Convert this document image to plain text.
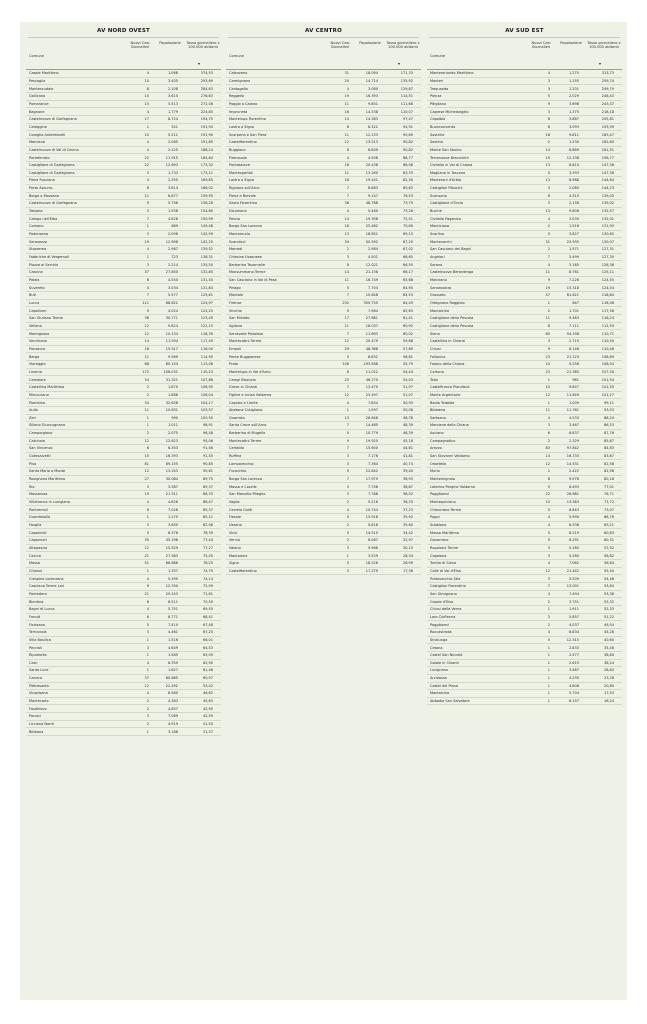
AV NORD OVEST
Comune
Nuovi Casi Giornalieri
Popolazione	Tasso giornaliero x 100.000 abitanti
Casale Marittimo	4	1.068	374,53
Pescaglia	10	3.405	293,69
Montescudaio	8	2.108	284,63
Gallicano	10	3.615	276,63
Pomarance	15	5.513	272,08
Bagnone	4	1.779	224,85
Castelnuovo di Garfagnana	17	8.724	194,75
Careggine	1	521	191,94
Coreglia Antelminelli	10	5.211	191,90
Marciana	4	2.085	191,85
Castelnuovo di Val di Cecina	4	2.125	188,24
Portoferraio	22	11.915	184,64
Castiglione di Garfagnana	22	12.693	173,32
Castiglione di Garfagnana	3	1.733	173,11
Pieve Fosciana	4	2.355	169,85
Porto Azzurro	6	3.614	166,02
Borgo a Mozzano	11	6.877	159,95
Castelnuovo di Garfagnana	9	5.796	156,26
Tresana	3	1.938	154,80
Campo nell'Elba	7	4.626	150,99
Comano	1	669	149,48
Podenzana	3	2.098	142,99
Seravezza	19	12.698	142,20
Stazzema	4	2.967	139,52
Fabbriche di Vergemoli	1	723	138,31
Piazza al Serchio	3	2.214	135,50
Cascina	37	27.850	132,85
Palaia	6	4.540	131,50
Suvereto	4	3.034	131,84
Buti	7	5.577	125,61
Lucca	111	88.822	124,97
Capoliveri	5	4.024	124,25
San Giuliano Terme	38	30.771	123,49
Vellano	12	9.824	122,15
Montignoso	12	10.134	118,39
Vecchiano	14	11.934	117,49
Ponsacco	18	15.517	116,00
Barga	11	9.569	114,95
Viareggio	68	60.144	113,06
Livorno	172	156.031	110,23
Camaiore	34	31.321	107,86
Castellina Marittima	2	1.870	106,95
Minucciano	2	1.886	106,04
Piombino	34	32.638	104,17
Aulla	11	10.631	103,57
Zeri	1	990	100,50
Sillano Giuncugnano	1	1.011	98,91
Camporgiano	2	2.075	96,48
Calcinaia	12	12.623	95,06
San Vincenzo	6	6.353	91,56
Collesalvetti	15	16.393	91,55
Pisa	81	89.155	90,85
Santa Maria a Monte	12	13.243	90,61
Rosignano Marittimo	27	30.084	89,75
Rio	3	3.387	89,37
Massarosa	19	21.511	88,33
Villafranca in Lunigiana	4	4.626	86,47
Pontremoli	6	7.028	85,37
Guardistallo	1	1.175	85,11
Fauglia	3	3.655	82,08
Capannoli	5	6.376	78,39
Capannori	35	45.196	77,44
Altopascio	12	15.529	77,27
Cecina	21	27.983	75,05
Massa	51	66.886	76,25
Chianni	1	1.357	74,79
Crespina Lorenzana	4	5.395	74,14
Casciana Terme Lari	9	12.330	72,99
Pontedera	21	29.243	71,81
Bientina	6	8.511	70,50
Bagni di Lucca	4	5.751	69,55
Forcoli	6	8.771	68,41
Fivizzano	5	7.410	67,48
Terricciola	3	4.461	67,25
Villa Basilica	1	1.516	66,01
Peccioli	3	4.649	64,53
Riparbella	1	1.585	63,09
Calci	4	6.359	62,90
Santa Luce	1	1.627	61,46
Carrara	37	60.685	60,97
Pietrasanta	12	22.492	53,42
Vicopisano	4	8.580	46,62
Montecarlo	2	4.383	45,63
Fosdinovo	2	4.657	42,95
Porcari	3	7.069	42,59
Licciana Nardi	2	4.919	41,50
Bibbona	1	3.188	31,37
AV CENTRO
Comune
Nuovi Casi Giornalieri
Popolazione	Tasso giornaliero x 100.000 abitanti
Calenzano	31	18.094	171,33
Carmignano	20	14.714	135,92
Cantagallo	4	3.080	129,87
Reggello	19	16.393	114,51
Poggio a Caiano	11	9.851	111,66
Impruneta	16	14.538	110,07
Montelupo Fiorentino	14	14.383	97,47
Lastra a Signa	6	6.322	94,91
Scarperia e San Piero	11	12.133	90,89
Castelfiorentino	12	13.213	90,82
Buggiano	8	8.809	90,82
Firenzuola	4	4.508	88,77
Pontassieve	18	20.438	88,08
Montespertoli	11	13.260	83,33
Lastra a Signa	16	19.441	82,30
Rignano sull'Arno	7	8.683	80,62
Pieve a Nievole	7	9.147	76,53
Sesto Fiorentino	36	48.788	73,79
Dicomano	4	5.460	73,26
Pescia	14	19.358	72,51
Borgo San Lorenzo	18	25.462	70,69
Montemurlo	13	18.851	69,15
Scandicci	34	50.592	67,20
Marradi	2	2.984	67,02
Chiesina Uzzanese	3	4.501	66,65
Barberino Tavarnelle	8	12.021	66,55
Monsummano Terme	14	21.158	66,17
San Casciano in Val di Pesa	11	16.749	65,68
Pelago	5	7.704	64,90
Montale	7	10.848	64,53
Firenze	232	359.755	64,49
Vinchio	5	7.984	62,63
San Miniato	17	27.681	61,41
Agliana	11	18.037	60,92
Serravalle Pistoiese	7	11.693	60,02
Montecatini Terme	12	20.479	59,68
Empoli	29	48.368	57,89
Ponte Buggianese	5	8.832	56,61
Prato	108	193.588	55,79
Montelupo in Val d'Arno	6	11.022	54,44
Campi Bisenzio	25	46.270	54,03
Greve in Chianti	7	13.470	51,97
Figline e Incisa Valdarno	12	23.497	51,07
Capraia e Limite	4	7.854	50,93
Abetone Cutigliano	1	1.997	50,08
Quarrata	13	26.648	48,78
Santa Croce sull'Arno	7	14.465	48,39
Barberino di Mugello	5	10.779	46,39
Montecatini Terme	9	19.920	45,18
Certaldo	7	15.650	44,61
Ruffina	3	7.176	41,81
Lamporecchio	3	7.364	40,74
Fucecchio	9	22.842	39,40
Borgo San Lorenzo	7	17.979	38,93
Massa e Cozzile	3	7.758	38,67
San Marcello Piteglio	3	7.788	38,52
Vaglia	2	5.216	38,33
Cerreto Guidi	4	10.744	37,23
Fiesole	5	13.918	35,92
Uzzano	2	5.618	35,60
Vinci	5	14.515	34,42
Vernio	2	6.067	32,97
Vaiano	3	9.966	30,10
Montaione	1	3.529	28,34
Signa	5	18.526	26,99
Castelfiorentino	3	17.279	17,36
AV SUD EST
Comune
Nuovi Casi Giornalieri
Popolazione	Tasso giornaliero x 100.000 abitanti
Monteroriondo Marittimo	4	1.275	313,73
Monteri	3	1.155	259,74
Trequanda	3	1.201	249,79
Pienza	5	2.029	246,43
Pitigliano	9	3.698	243,37
Caprese Michelangelo	3	1.375	218,18
Capalbio	8	3.887	205,81
Buonconvento	6	3.093	193,99
Sovicille	18	9.811	183,47
Sestino	2	1.230	162,60
Monte San Savino	14	8.669	161,51
Terranuova Bracciolini	19	12.138	156,77
Civitella in Val di Chiana	13	8.810	147,56
Magliano in Toscana	5	3.393	147,36
Monteroni d'Arbia	13	8.988	144,64
Castiglion Fibocchi	3	2.080	144,23
Scansano	6	4.315	139,05
Castiglione d'Orcia	3	2.158	139,02
Bucine	13	9.806	132,57
Civitella Paganico	4	3.030	132,01
Monticiano	2	1.516	131,93
Scarlino	5	3.827	130,65
Montevarchi	31	23.935	130,07
San Casciano dei Bagni	2	1.571	127,31
Anghiari	7	5.499	127,30
Sorano	4	3.165	126,38
Castelnuovo Berardenga	11	8.761	125,11
Manciano	9	7.226	124,55
Sansepolcro	19	15.318	124,04
Grosseto	47	81.621	118,84
Orbignano Raggiolo	1	847	118,06
Montalcino	2	1.701	117,58
Castiglione della Pescaia	11	9.463	116,24
Castiglione della Pescaia	8	7.111	112,50
Siena	60	54.198	110,71
Castellina in Chianti	3	2.715	110,50
Chiusi	9	8.148	110,46
Follonica	23	21.123	108,89
Foiano della Chiana	10	9.256	108,04
Cortona	23	21.385	107,50
Talla	1	981	101,94
Castelfranco Piandiscò	10	9.847	101,55
Monte Argentario	12	11.849	101,27
Badia Tedalda	1	1.009	99,11
Bibbiena	11	11.761	93,53
Sarteano	4	4.533	88,24
Marciano della Chiana	3	3.467	86,53
Asciano	6	6.837	87,76
Campagnatico	2	2.329	85,87
Arezzo	83	97.842	84,83
San Giovanni Valdarno	14	16.733	83,67
Orbetello	12	14.531	82,58
Murlo	2	2.422	82,58
Montemignaio	8	9.978	80,18
Laterina Pergine Valdarno	5	6.493	77,01
Poggibonsi	22	28.681	76,71
Montepulciano	10	13.563	73,72
Chianciano Terme	5	6.843	73,07
Poppi	4	5.990	66,78
Subbiano	4	6.338	63,21
Massa Marittima	5	8.219	60,83
Gavorrano	5	8.291	60,31
Rapolano Terme	3	5.180	57,92
Capolona	3	5.280	56,82
Torrita di Siena	4	7.062	56,64
Colle di Val d'Elsa	12	21.442	55,40
Pratovecchio Stia	3	5.509	54,46
Castiglion Fiorentino	7	13.001	53,64
San Gimignano	4	7.494	53,38
Casole d'Elsa	2	3.751	53,32
Chiusi della Verna	1	1.911	52,33
Loro Ciuffenna	3	5.857	51,22
Poggibonsi	2	4.037	49,54
Roccastrada	4	8.834	45,28
Sinalunga	5	12.315	40,60
Cetona	1	2.833	35,48
Castel San Niccolò	1	2.577	38,80
Gaiole in Chianti	1	2.615	38,24
Lucignano	1	3.467	28,84
Arcidosso	1	4.295	23,28
Castel del Piano	1	4.806	20,80
Montalcino	1	5.704	17,53
Abbadia San Salvatore	1	6.157	16,24
